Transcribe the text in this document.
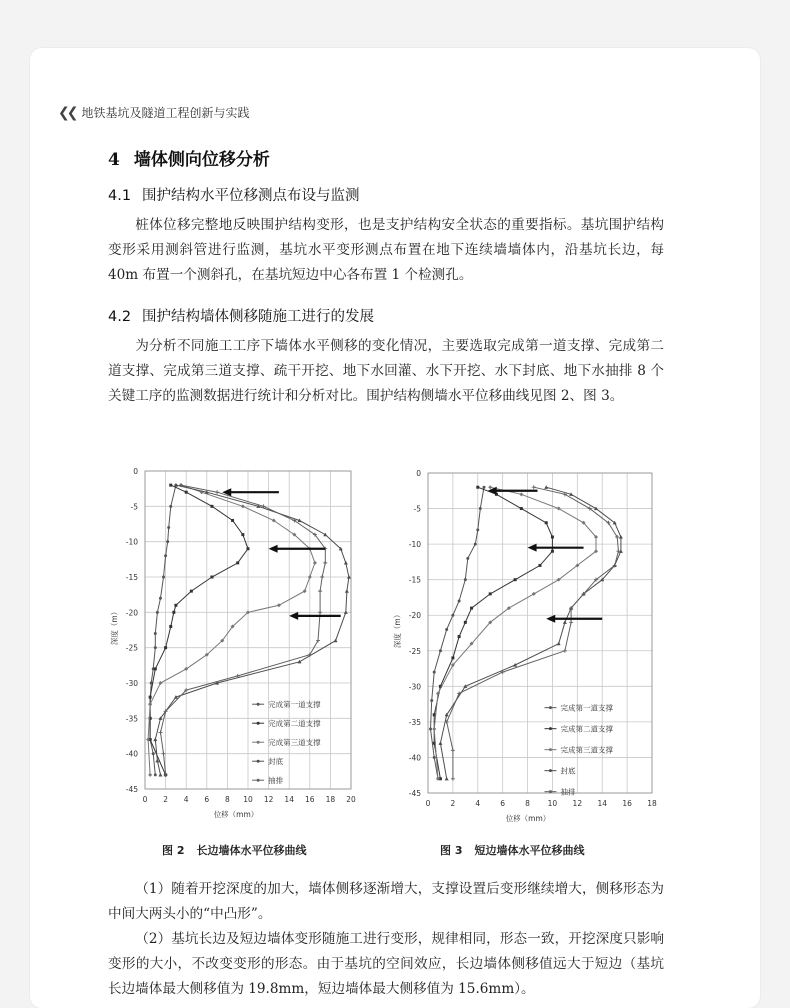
❮❮ 地铁基坑及隧道工程创新与实践
4 墙体侧向位移分析
4.1 围护结构水平位移测点布设与监测
桩体位移完整地反映围护结构变形，也是支护结构安全状态的重要指标。基坑围护结构变形采用测斜管进行监测，基坑水平变形测点布置在地下连续墙墙体内，沿基坑长边，每 40m 布置一个测斜孔，在基坑短边中心各布置 1 个检测孔。
4.2 围护结构墙体侧移随施工进行的发展
为分析不同施工工序下墙体水平侧移的变化情况，主要选取完成第一道支撑、完成第二道支撑、完成第三道支撑、疏干开挖、地下水回灌、水下开挖、水下封底、地下水抽排 8 个关键工序的监测数据进行统计和分析对比。围护结构侧墙水平位移曲线见图 2、图 3。
0 2 4 6 8 10 12 14 16 18 20
0
-5
-10
-15
-20
-25
-30
-35
-40
-45
位移（mm）
深度（m）
完成第一道支撑
完成第二道支撑
完成第三道支撑
封底
抽排
图 2 长边墙体水平位移曲线
0	2	4	6	8 10 12 14 16 18
0
-5
-10
-15
-20
-25
-30
-35
-40
-45
位移（mm）
深度（m）
完成第一道支撑
完成第二道支撑
完成第三道支撑
封底
抽排
图 3 短边墙体水平位移曲线
（1）随着开挖深度的加大，墙体侧移逐渐增大，支撑设置后变形继续增大，侧移形态为中间大两头小的“中凸形”。
（2）基坑长边及短边墙体变形随施工进行变形，规律相同，形态一致，开挖深度只影响变形的大小，不改变变形的形态。由于基坑的空间效应，长边墙体侧移值远大于短边（基坑长边墙体最大侧移值为 19.8mm，短边墙体最大侧移值为 15.6mm）。
